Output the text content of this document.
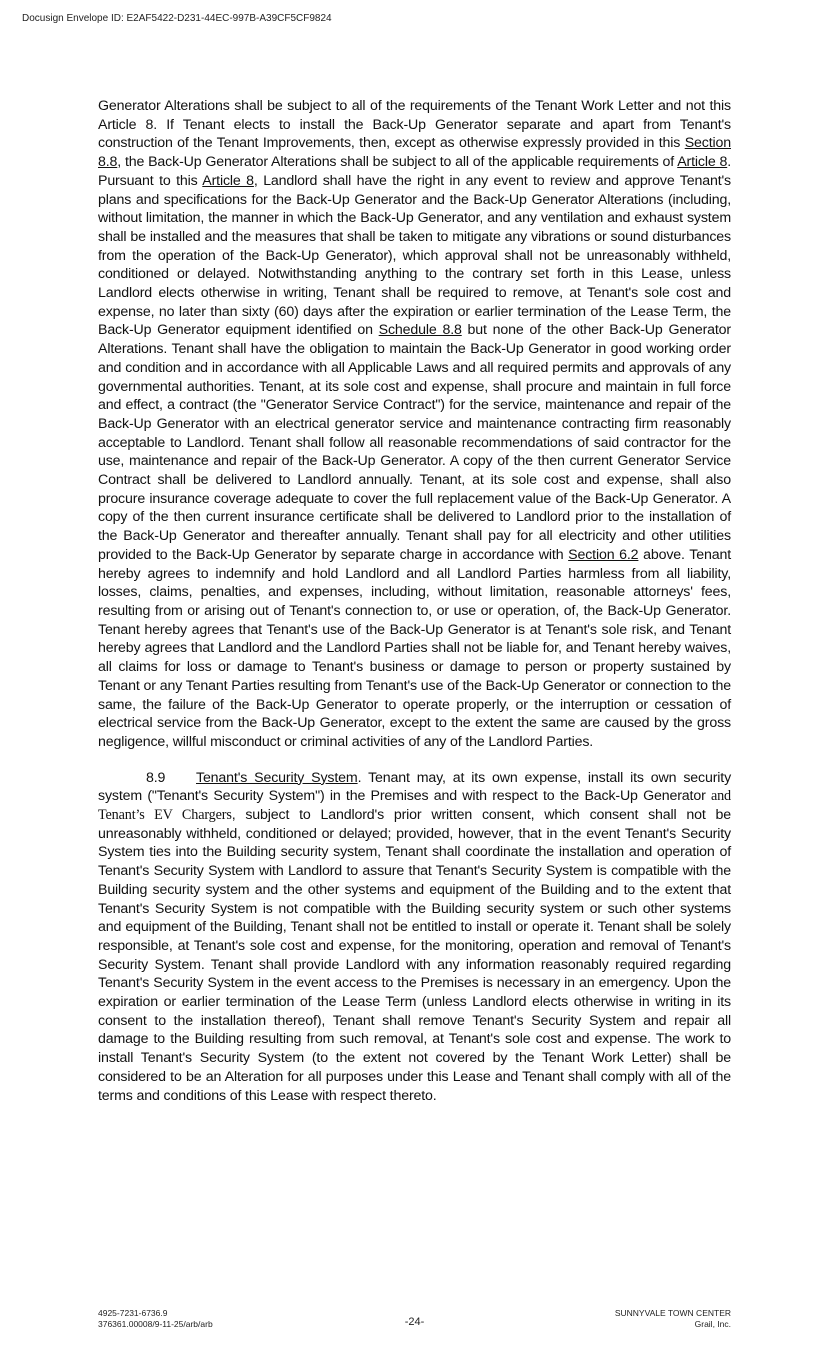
Docusign Envelope ID: E2AF5422-D231-44EC-997B-A39CF5CF9824

Generator Alterations shall be subject to all of the requirements of the Tenant Work Letter and not this Article 8. If Tenant elects to install the Back-Up Generator separate and apart from Tenant's construction of the Tenant Improvements, then, except as otherwise expressly provided in this Section 8.8, the Back-Up Generator Alterations shall be subject to all of the applicable requirements of Article 8. Pursuant to this Article 8, Landlord shall have the right in any event to review and approve Tenant's plans and specifications for the Back-Up Generator and the Back-Up Generator Alterations (including, without limitation, the manner in which the Back-Up Generator, and any ventilation and exhaust system shall be installed and the measures that shall be taken to mitigate any vibrations or sound disturbances from the operation of the Back-Up Generator), which approval shall not be unreasonably withheld, conditioned or delayed. Notwithstanding anything to the contrary set forth in this Lease, unless Landlord elects otherwise in writing, Tenant shall be required to remove, at Tenant's sole cost and expense, no later than sixty (60) days after the expiration or earlier termination of the Lease Term, the Back-Up Generator equipment identified on Schedule 8.8 but none of the other Back-Up Generator Alterations. Tenant shall have the obligation to maintain the Back-Up Generator in good working order and condition and in accordance with all Applicable Laws and all required permits and approvals of any governmental authorities. Tenant, at its sole cost and expense, shall procure and maintain in full force and effect, a contract (the "Generator Service Contract") for the service, maintenance and repair of the Back-Up Generator with an electrical generator service and maintenance contracting firm reasonably acceptable to Landlord. Tenant shall follow all reasonable recommendations of said contractor for the use, maintenance and repair of the Back-Up Generator. A copy of the then current Generator Service Contract shall be delivered to Landlord annually. Tenant, at its sole cost and expense, shall also procure insurance coverage adequate to cover the full replacement value of the Back-Up Generator. A copy of the then current insurance certificate shall be delivered to Landlord prior to the installation of the Back-Up Generator and thereafter annually. Tenant shall pay for all electricity and other utilities provided to the Back-Up Generator by separate charge in accordance with Section 6.2 above. Tenant hereby agrees to indemnify and hold Landlord and all Landlord Parties harmless from all liability, losses, claims, penalties, and expenses, including, without limitation, reasonable attorneys' fees, resulting from or arising out of Tenant's connection to, or use or operation, of, the Back-Up Generator. Tenant hereby agrees that Tenant's use of the Back-Up Generator is at Tenant's sole risk, and Tenant hereby agrees that Landlord and the Landlord Parties shall not be liable for, and Tenant hereby waives, all claims for loss or damage to Tenant's business or damage to person or property sustained by Tenant or any Tenant Parties resulting from Tenant's use of the Back-Up Generator or connection to the same, the failure of the Back-Up Generator to operate properly, or the interruption or cessation of electrical service from the Back-Up Generator, except to the extent the same are caused by the gross negligence, willful misconduct or criminal activities of any of the Landlord Parties.

8.9 Tenant's Security System. Tenant may, at its own expense, install its own security system ("Tenant's Security System") in the Premises and with respect to the Back-Up Generator and Tenant’s EV Chargers, subject to Landlord's prior written consent, which consent shall not be unreasonably withheld, conditioned or delayed; provided, however, that in the event Tenant's Security System ties into the Building security system, Tenant shall coordinate the installation and operation of Tenant's Security System with Landlord to assure that Tenant's Security System is compatible with the Building security system and the other systems and equipment of the Building and to the extent that Tenant's Security System is not compatible with the Building security system or such other systems and equipment of the Building, Tenant shall not be entitled to install or operate it. Tenant shall be solely responsible, at Tenant's sole cost and expense, for the monitoring, operation and removal of Tenant's Security System. Tenant shall provide Landlord with any information reasonably required regarding Tenant's Security System in the event access to the Premises is necessary in an emergency. Upon the expiration or earlier termination of the Lease Term (unless Landlord elects otherwise in writing in its consent to the installation thereof), Tenant shall remove Tenant's Security System and repair all damage to the Building resulting from such removal, at Tenant's sole cost and expense. The work to install Tenant's Security System (to the extent not covered by the Tenant Work Letter) shall be considered to be an Alteration for all purposes under this Lease and Tenant shall comply with all of the terms and conditions of this Lease with respect thereto.

4925-7231-6736.9
376361.00008/9-11-25/arb/arb	-24-
SUNNYVALE TOWN CENTER
Grail, Inc.
